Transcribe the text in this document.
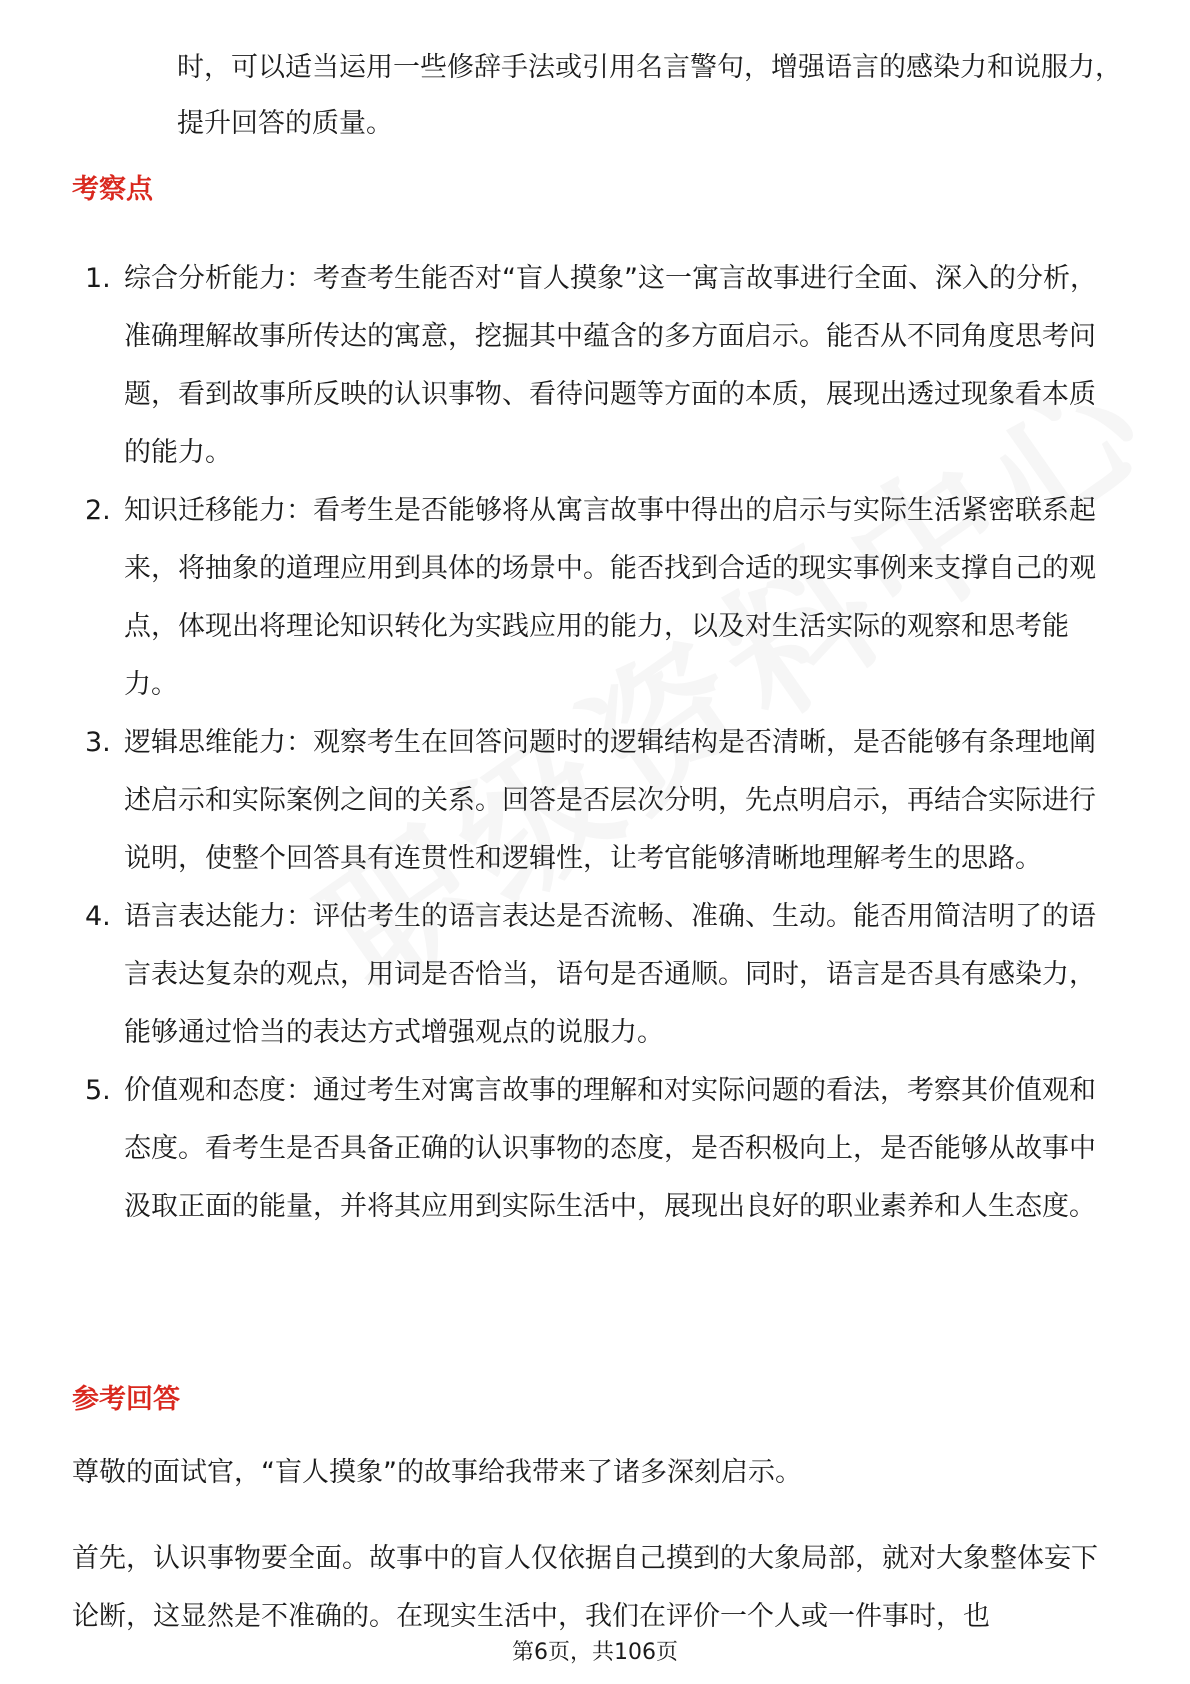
时，可以适当运用一些修辞手法或引用名言警句，增强语言的感染力和说服力，提升回答的质量。
考察点
1. 综合分析能力：考查考生能否对“盲人摸象”这一寓言故事进行全面、深入的分析，准确理解故事所传达的寓意，挖掘其中蕴含的多方面启示。能否从不同角度思考问题，看到故事所反映的认识事物、看待问题等方面的本质，展现出透过现象看本质的能力。
2. 知识迁移能力：看考生是否能够将从寓言故事中得出的启示与实际生活紧密联系起来，将抽象的道理应用到具体的场景中。能否找到合适的现实事例来支撑自己的观点，体现出将理论知识转化为实践应用的能力，以及对生活实际的观察和思考能力。
3. 逻辑思维能力：观察考生在回答问题时的逻辑结构是否清晰，是否能够有条理地阐述启示和实际案例之间的关系。回答是否层次分明，先点明启示，再结合实际进行说明，使整个回答具有连贯性和逻辑性，让考官能够清晰地理解考生的思路。
4. 语言表达能力：评估考生的语言表达是否流畅、准确、生动。能否用简洁明了的语言表达复杂的观点，用词是否恰当，语句是否通顺。同时，语言是否具有感染力，能够通过恰当的表达方式增强观点的说服力。
5. 价值观和态度：通过考生对寓言故事的理解和对实际问题的看法，考察其价值观和态度。看考生是否具备正确的认识事物的态度，是否积极向上，是否能够从故事中汲取正面的能量，并将其应用到实际生活中，展现出良好的职业素养和人生态度。
参考回答
尊敬的面试官，“盲人摸象”的故事给我带来了诸多深刻启示。
首先，认识事物要全面。故事中的盲人仅依据自己摸到的大象局部，就对大象整体妄下论断，这显然是不准确的。在现实生活中，我们在评价一个人或一件事时，也
第6页，共106页
